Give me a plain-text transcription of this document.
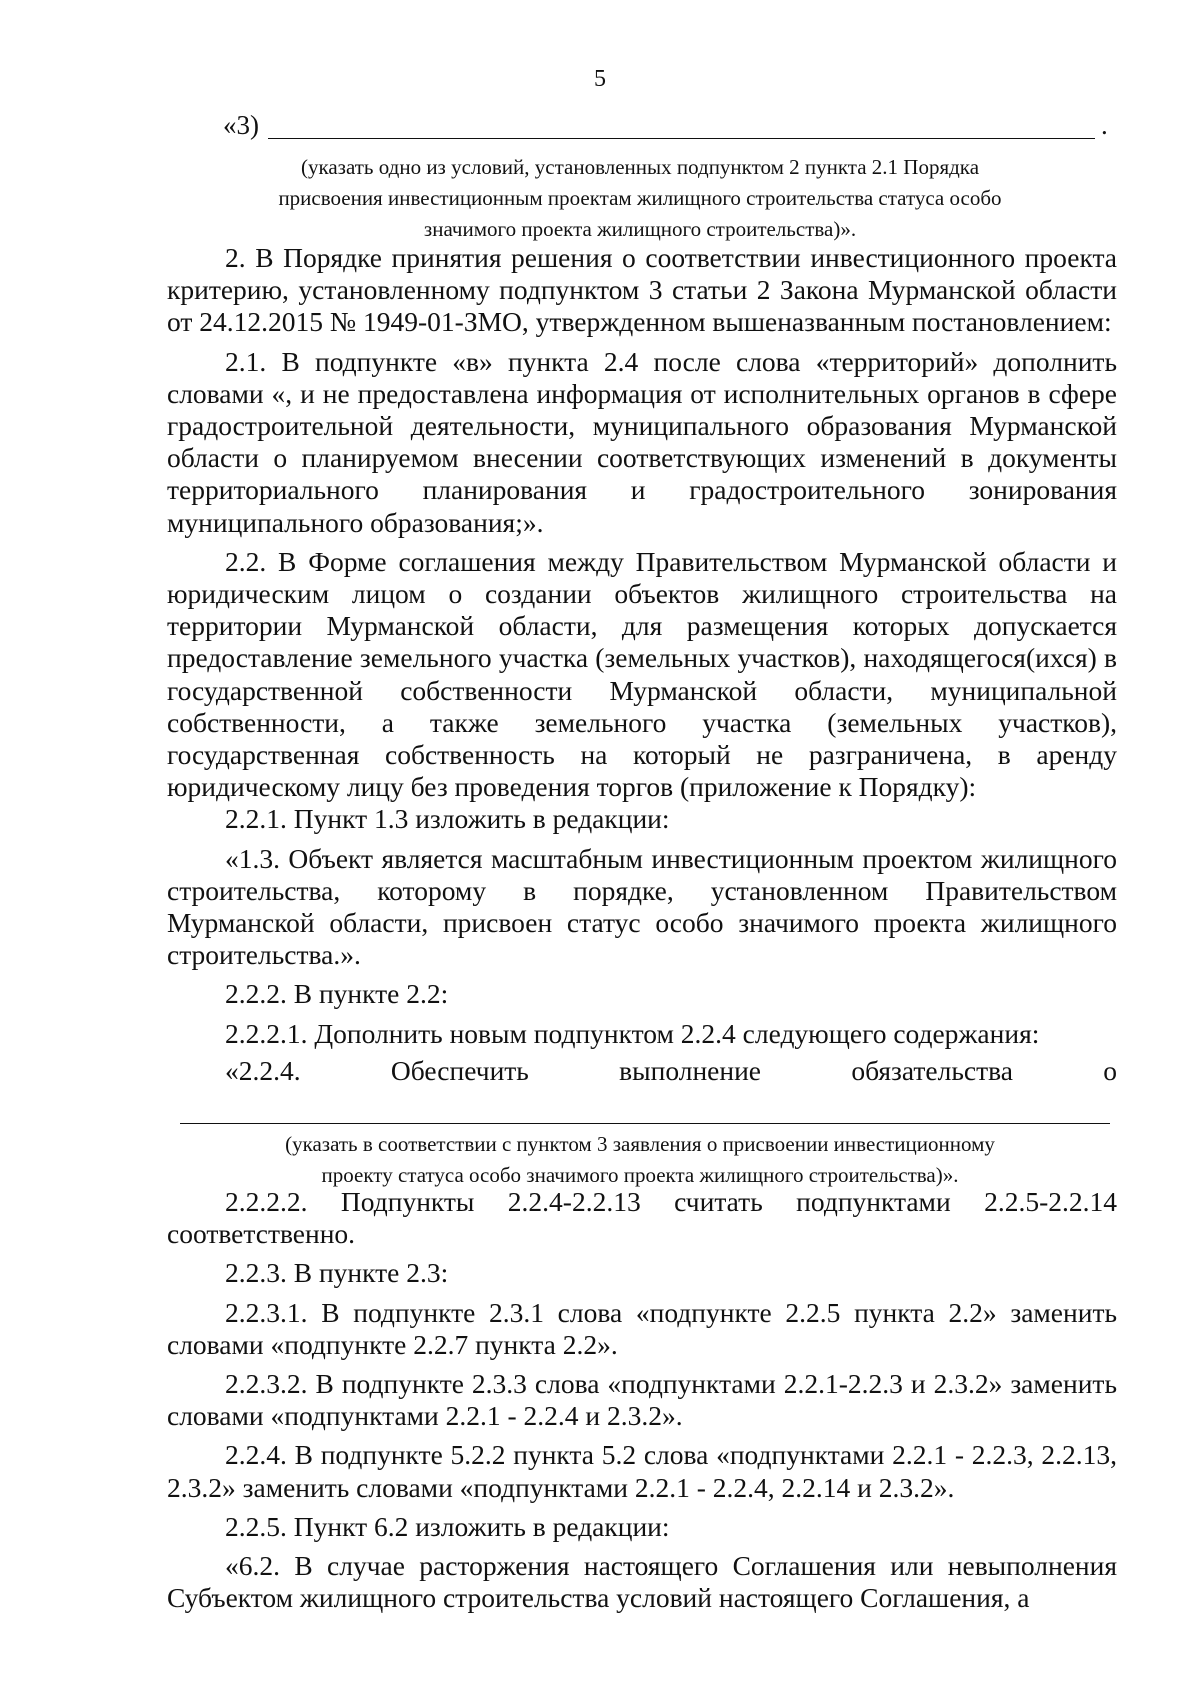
5
«3)	.
(указать одно из условий, установленных подпунктом 2 пункта 2.1 Порядка
присвоения инвестиционным проектам жилищного строительства статуса особо
значимого проекта жилищного строительства)».

2. В Порядке принятия решения о соответствии инвестиционного проекта критерию, установленному подпунктом 3 статьи 2 Закона Мурманской области от 24.12.2015 № 1949-01-ЗМО, утвержденном вышеназванным постановлением:

2.1. В подпункте «в» пункта 2.4 после слова «территорий» дополнить словами «, и не предоставлена информация от исполнительных органов в сфере градостроительной деятельности, муниципального образования Мурманской области о планируемом внесении соответствующих изменений в документы территориального планирования и градостроительного зонирования муниципального образования;».

2.2. В Форме соглашения между Правительством Мурманской области и юридическим лицом о создании объектов жилищного строительства на территории Мурманской области, для размещения которых допускается предоставление земельного участка (земельных участков), находящегося(ихся) в государственной собственности Мурманской области, муниципальной собственности, а также земельного участка (земельных участков), государственная собственность на который не разграничена, в аренду юридическому лицу без проведения торгов (приложение к Порядку):

2.2.1. Пункт 1.3 изложить в редакции:

«1.3. Объект является масштабным инвестиционным проектом жилищного строительства, которому в порядке, установленном Правительством Мурманской области, присвоен статус особо значимого проекта жилищного строительства.».

2.2.2. В пункте 2.2:

2.2.2.1. Дополнить новым подпунктом 2.2.4 следующего содержания:

«2.2.4.	Обеспечить	выполнение	обязательства	о
(указать в соответствии с пунктом 3 заявления о присвоении инвестиционному
проекту статуса особо значимого проекта жилищного строительства)».

2.2.2.2. Подпункты 2.2.4-2.2.13 считать подпунктами 2.2.5-2.2.14 соответственно.

2.2.3. В пункте 2.3:

2.2.3.1. В подпункте 2.3.1 слова «подпункте 2.2.5 пункта 2.2» заменить словами «подпункте 2.2.7 пункта 2.2».

2.2.3.2. В подпункте 2.3.3 слова «подпунктами 2.2.1-2.2.3 и 2.3.2» заменить словами «подпунктами 2.2.1 - 2.2.4 и 2.3.2».

2.2.4. В подпункте 5.2.2 пункта 5.2 слова «подпунктами 2.2.1 - 2.2.3, 2.2.13, 2.3.2» заменить словами «подпунктами 2.2.1 - 2.2.4, 2.2.14 и 2.3.2».

2.2.5. Пункт 6.2 изложить в редакции:

«6.2. В случае расторжения настоящего Соглашения или невыполнения Субъектом жилищного строительства условий настоящего Соглашения, а
